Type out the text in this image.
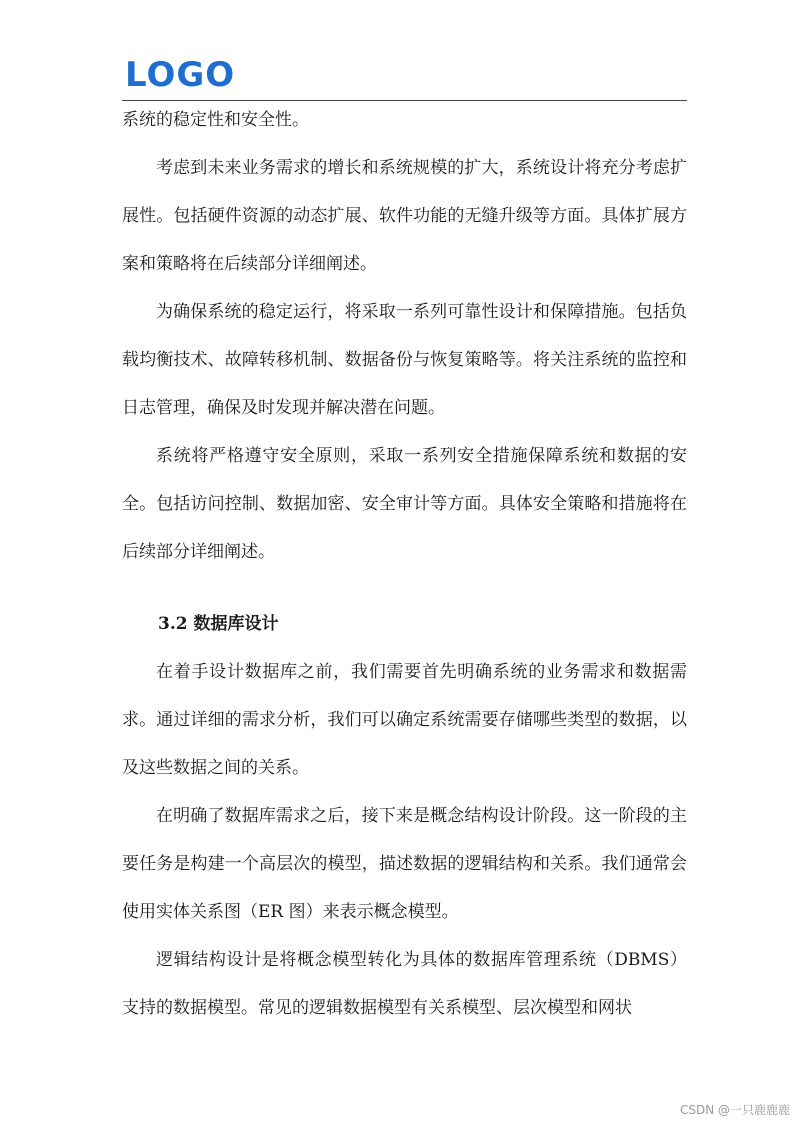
LOGO

系统的稳定性和安全性。

考虑到未来业务需求的增长和系统规模的扩大，系统设计将充分考虑扩展性。包括硬件资源的动态扩展、软件功能的无缝升级等方面。具体扩展方案和策略将在后续部分详细阐述。

为确保系统的稳定运行，将采取一系列可靠性设计和保障措施。包括负载均衡技术、故障转移机制、数据备份与恢复策略等。将关注系统的监控和日志管理，确保及时发现并解决潜在问题。

系统将严格遵守安全原则，采取一系列安全措施保障系统和数据的安全。包括访问控制、数据加密、安全审计等方面。具体安全策略和措施将在后续部分详细阐述。

3.2 数据库设计

在着手设计数据库之前，我们需要首先明确系统的业务需求和数据需求。通过详细的需求分析，我们可以确定系统需要存储哪些类型的数据，以及这些数据之间的关系。

在明确了数据库需求之后，接下来是概念结构设计阶段。这一阶段的主要任务是构建一个高层次的模型，描述数据的逻辑结构和关系。我们通常会使用实体关系图（ER 图）来表示概念模型。

逻辑结构设计是将概念模型转化为具体的数据库管理系统（DBMS）支持的数据模型。常见的逻辑数据模型有关系模型、层次模型和网状

CSDN @一只鹿鹿鹿
